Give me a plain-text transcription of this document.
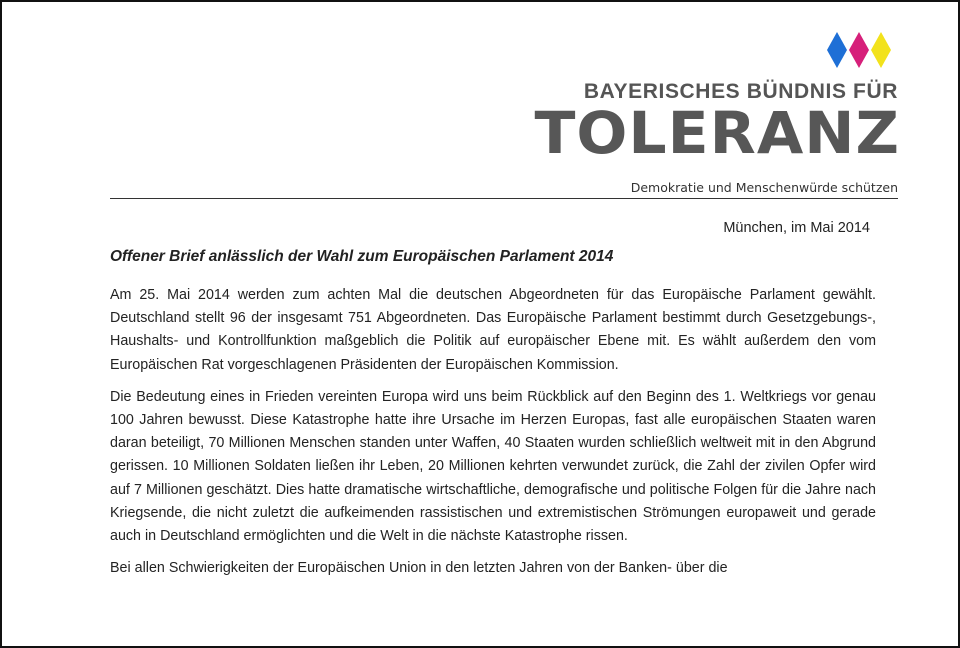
BAYERISCHES BÜNDNIS FÜR
TOLERANZ
Demokratie und Menschenwürde schützen
München, im Mai 2014
Offener Brief anlässlich der Wahl zum Europäischen Parlament 2014

Am 25. Mai 2014 werden zum achten Mal die deutschen Abgeordneten für das Europäische Parlament gewählt. Deutschland stellt 96 der insgesamt 751 Abgeordneten. Das Europäische Parlament bestimmt durch Gesetzgebungs-, Haushalts- und Kontrollfunktion maßgeblich die Politik auf europäischer Ebene mit. Es wählt außerdem den vom Europäischen Rat vorgeschlagenen Präsidenten der Europäischen Kommission.

Die Bedeutung eines in Frieden vereinten Europa wird uns beim Rückblick auf den Beginn des 1. Weltkriegs vor genau 100 Jahren bewusst. Diese Katastrophe hatte ihre Ursache im Herzen Europas, fast alle europäischen Staaten waren daran beteiligt, 70 Millionen Menschen standen unter Waffen, 40 Staaten wurden schließlich weltweit mit in den Abgrund gerissen. 10 Millionen Soldaten ließen ihr Leben, 20 Millionen kehrten verwundet zurück, die Zahl der zivilen Opfer wird auf 7 Millionen geschätzt. Dies hatte dramatische wirtschaftliche, demografische und politische Folgen für die Jahre nach Kriegsende, die nicht zuletzt die aufkeimenden rassistischen und extremistischen Strömungen europaweit und gerade auch in Deutschland ermöglichten und die Welt in die nächste Katastrophe rissen.

Bei allen Schwierigkeiten der Europäischen Union in den letzten Jahren von der Banken- über die
